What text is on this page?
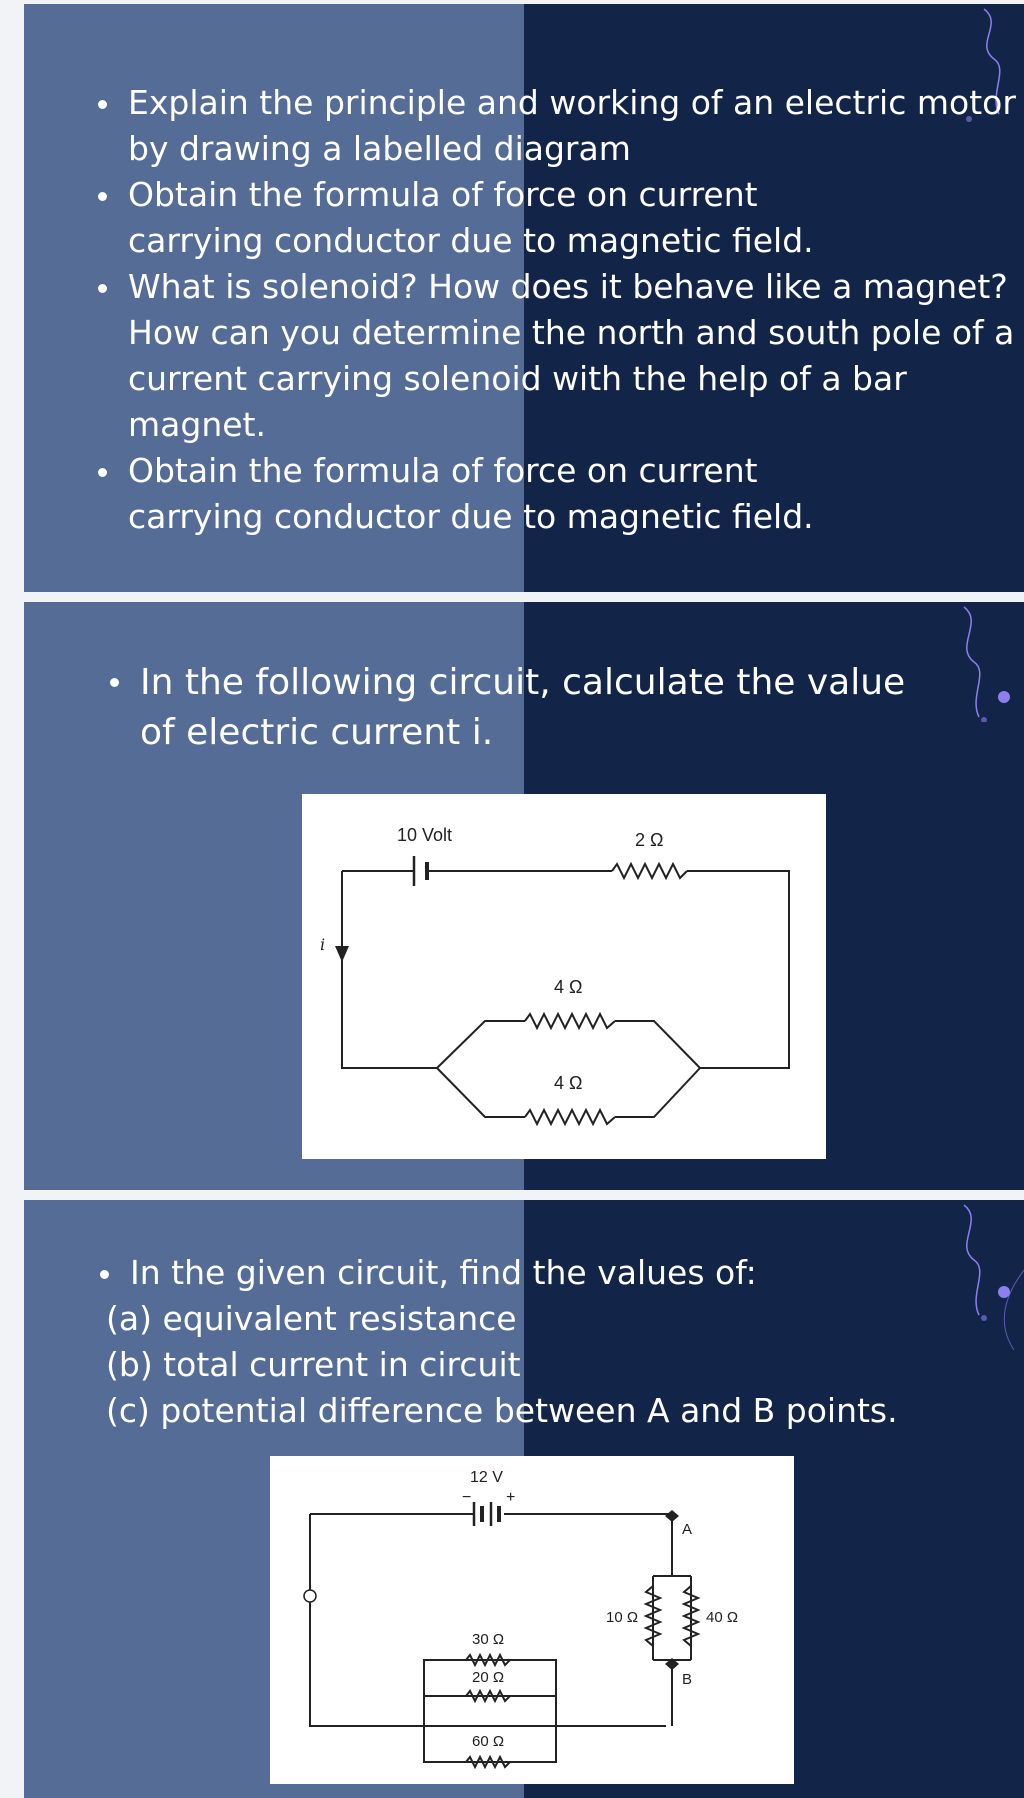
Explain the principle and working of an electric motor by drawing a labelled diagram
Obtain the formula of force on current carrying conductor due to magnetic field.
What is solenoid? How does it behave like a magnet? How can you determine the north and south pole of a current carrying solenoid with the help of a bar magnet.
Obtain the formula of force on current carrying conductor due to magnetic field.
In the following circuit, calculate the value of electric current i.
i
10 Volt	2 Ω
4 Ω
4 Ω
In the given circuit, find the values of:
(a) equivalent resistance
(b) total current in circuit
(c) potential difference between A and B points.
12 V
− +
A
B
10 Ω	40 Ω
30 Ω
20 Ω
60 Ω
